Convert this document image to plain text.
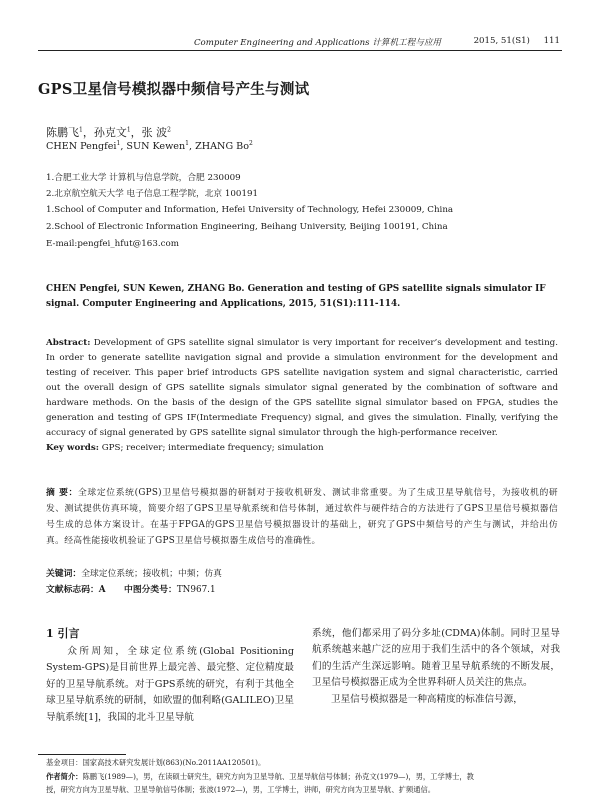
Computer Engineering and Applications 计算机工程与应用	2015, 51(S1) 111
GPS卫星信号模拟器中频信号产生与测试
陈鹏飞$^1$，孙克文$^1$，张 波$^2$
CHEN Pengfei$^1$, SUN Kewen$^1$, ZHANG Bo$^2$
1.合肥工业大学 计算机与信息学院，合肥 230009
2.北京航空航天大学 电子信息工程学院，北京 100191
1.School of Computer and Information, Hefei University of Technology, Hefei 230009, China
2.School of Electronic Information Engineering, Beihang University, Beijing 100191, China
E-mail:pengfei_hfut@163.com
CHEN Pengfei, SUN Kewen, ZHANG Bo. Generation and testing of GPS satellite signals simulator IF signal. Computer Engineering and Applications, 2015, 51(S1):111-114.
Abstract: Development of GPS satellite signal simulator is very important for receiver’s development and testing. In order to generate satellite navigation signal and provide a simulation environment for the development and testing of receiver. This paper brief introducts GPS satellite navigation system and signal characteristic, carried out the overall design of GPS satellite signals simulator signal generated by the combination of software and hardware methods. On the basis of the design of the GPS satellite signal simulator based on FPGA, studies the generation and testing of GPS IF(Intermediate Frequency) signal, and gives the simulation. Finally, verifying the accuracy of signal generated by GPS satellite signal simulator through the high-performance receiver.
Key words: GPS; receiver; intermediate frequency; simulation
摘 要：全球定位系统(GPS)卫星信号模拟器的研制对于接收机研发、测试非常重要。为了生成卫星导航信号，为接收机的研发、测试提供仿真环境，简要介绍了GPS卫星导航系统和信号体制，通过软件与硬件结合的方法进行了GPS卫星信号模拟器信号生成的总体方案设计。在基于FPGA的GPS卫星信号模拟器设计的基础上，研究了GPS中频信号的产生与测试，并给出仿真。经高性能接收机验证了GPS卫星信号模拟器生成信号的准确性。
关键词：全球定位系统；接收机；中频；仿真
文献标志码：A 中图分类号：TN967.1
1 引言
众所周知，全球定位系统(Global Positioning System-GPS)是目前世界上最完善、最完整、定位精度最好的卫星导航系统。对于GPS系统的研究，有利于其他全球卫星导航系统的研制，如欧盟的伽利略(GALILEO)卫星导航系统[1]，我国的北斗卫星导航
系统，他们都采用了码分多址(CDMA)体制。同时卫星导航系统越来越广泛的应用于我们生活中的各个领域，对我们的生活产生深远影响。随着卫星导航系统的不断发展，卫星信号模拟器正成为全世界科研人员关注的焦点。
卫星信号模拟器是一种高精度的标准信号源，
基金项目：国家高技术研究发展计划(863)(No.2011AA120501)。
作者简介：陈鹏飞(1989—)，男，在读硕士研究生，研究方向为卫星导航、卫星导航信号体制；孙克文(1979—)，男，工学博士，教
授，研究方向为卫星导航、卫星导航信号体制；张波(1972—)，男，工学博士，讲师，研究方向为卫星导航、扩频通信。
